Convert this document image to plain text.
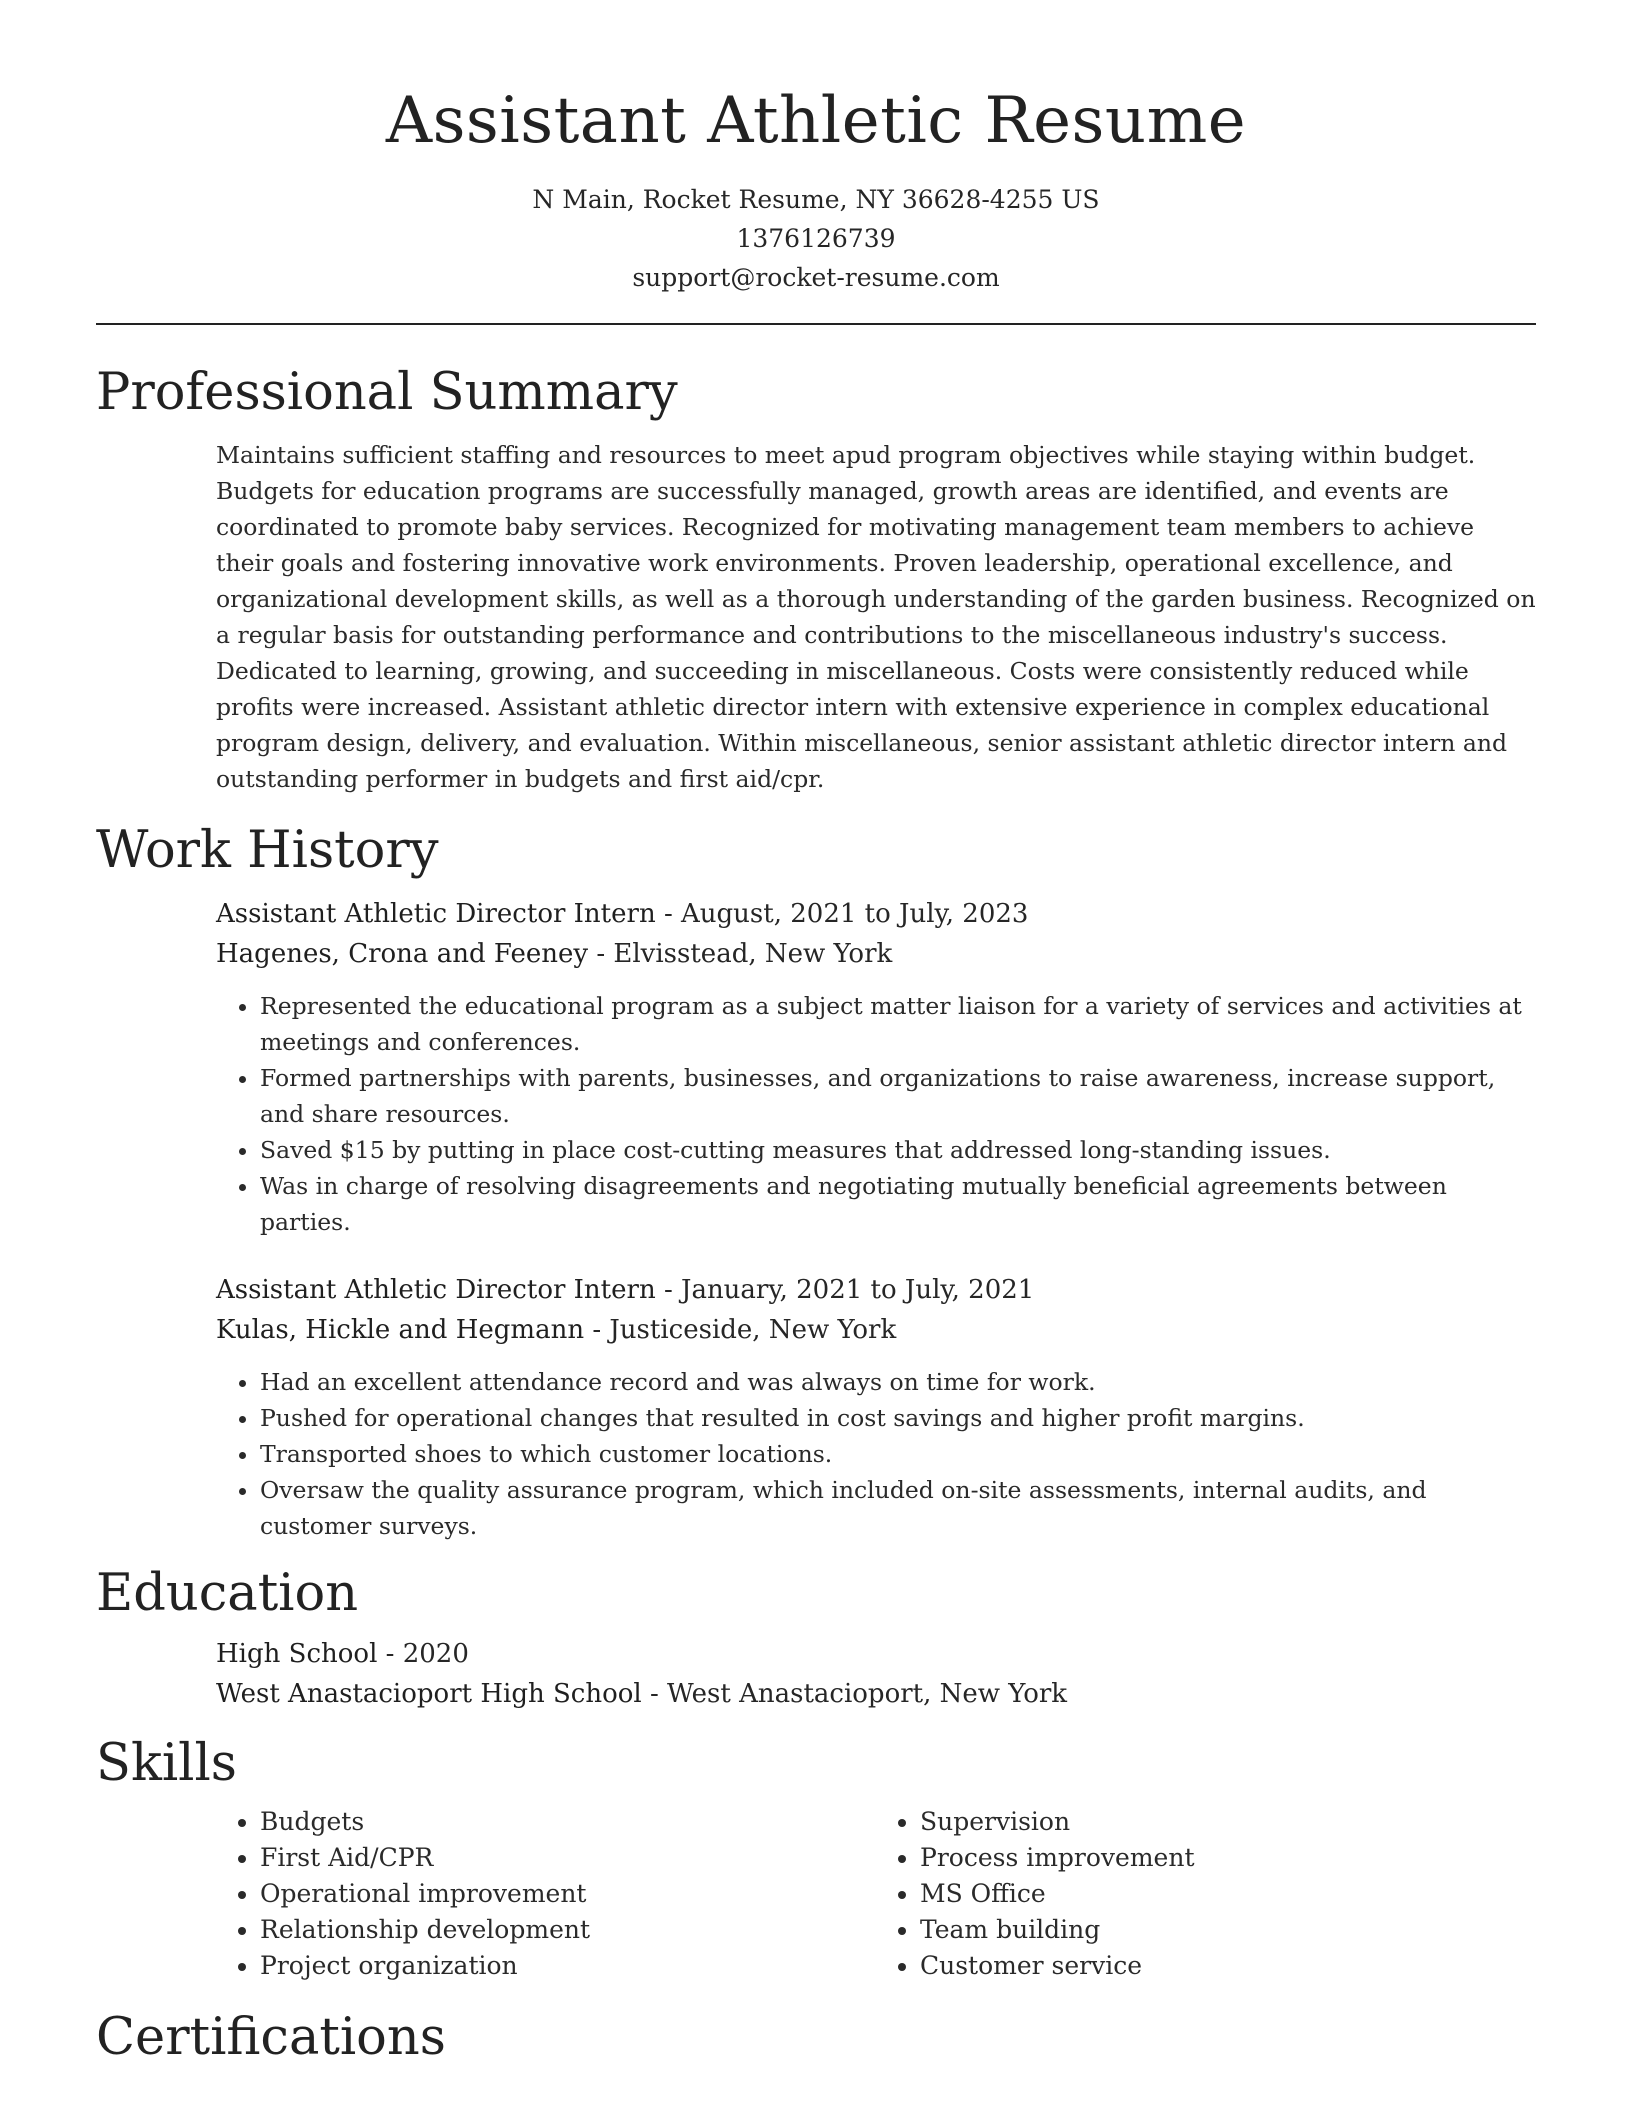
Assistant Athletic Resume
N Main, Rocket Resume, NY 36628-4255 US
1376126739
support@rocket-resume.com
Professional Summary
Maintains sufficient staffing and resources to meet apud program objectives while staying within budget. Budgets for education programs are successfully managed, growth areas are identified, and events are coordinated to promote baby services. Recognized for motivating management team members to achieve their goals and fostering innovative work environments. Proven leadership, operational excellence, and organizational development skills, as well as a thorough understanding of the garden business. Recognized on a regular basis for outstanding performance and contributions to the miscellaneous industry's success. Dedicated to learning, growing, and succeeding in miscellaneous. Costs were consistently reduced while profits were increased. Assistant athletic director intern with extensive experience in complex educational program design, delivery, and evaluation. Within miscellaneous, senior assistant athletic director intern and outstanding performer in budgets and first aid/cpr.
Work History
Assistant Athletic Director Intern - August, 2021 to July, 2023
Hagenes, Crona and Feeney - Elvisstead, New York
• Represented the educational program as a subject matter liaison for a variety of services and activities at meetings and conferences.
• Formed partnerships with parents, businesses, and organizations to raise awareness, increase support, and share resources.
• Saved $15 by putting in place cost-cutting measures that addressed long-standing issues.
• Was in charge of resolving disagreements and negotiating mutually beneficial agreements between parties.
Assistant Athletic Director Intern - January, 2021 to July, 2021
Kulas, Hickle and Hegmann - Justiceside, New York
• Had an excellent attendance record and was always on time for work.
• Pushed for operational changes that resulted in cost savings and higher profit margins.
• Transported shoes to which customer locations.
• Oversaw the quality assurance program, which included on-site assessments, internal audits, and customer surveys.
Education
High School - 2020
West Anastacioport High School - West Anastacioport, New York
Skills
• Budgets
• First Aid/CPR
• Operational improvement
• Relationship development
• Project organization
• Supervision
• Process improvement
• MS Office
• Team building
• Customer service
Certifications
